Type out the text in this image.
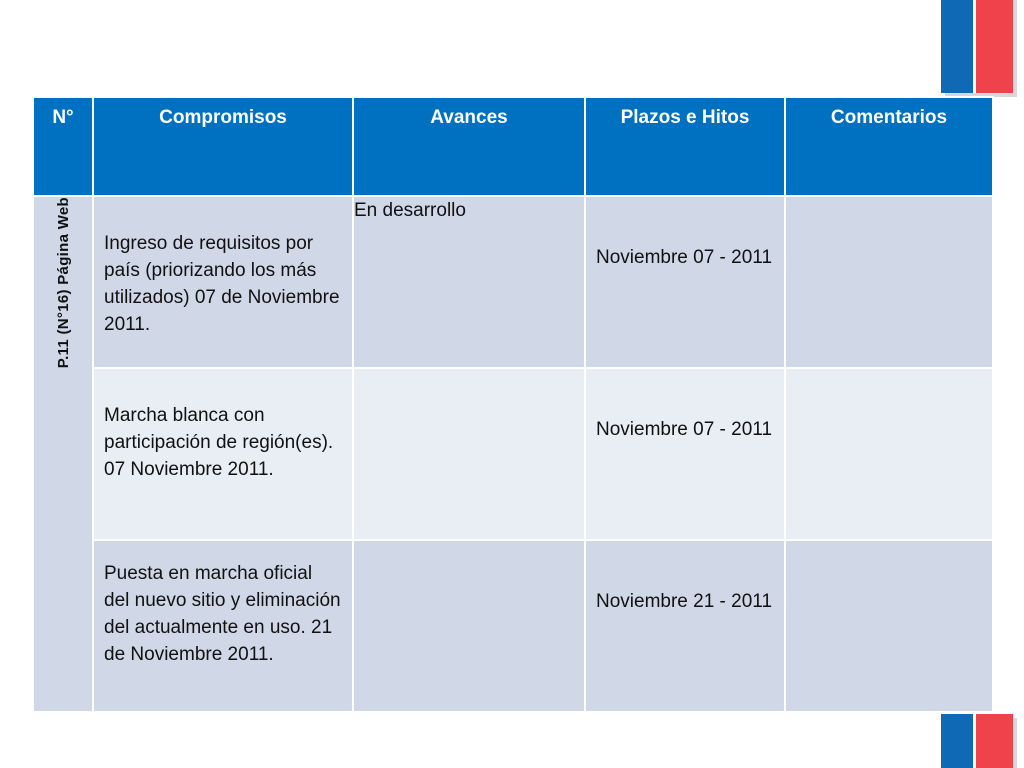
N°	Compromisos	Avances	Plazos e Hitos	Comentarios
P.11 (N°16) Página Web	Ingreso de requisitos por país (priorizando los más utilizados) 07 de Noviembre 2011.	En desarrollo	Noviembre 07 - 2011	
	Marcha blanca con participación de región(es). 07 Noviembre 2011.		Noviembre 07 - 2011	
	Puesta en marcha oficial del nuevo sitio y eliminación del actualmente en uso. 21 de Noviembre 2011.		Noviembre 21 - 2011	
